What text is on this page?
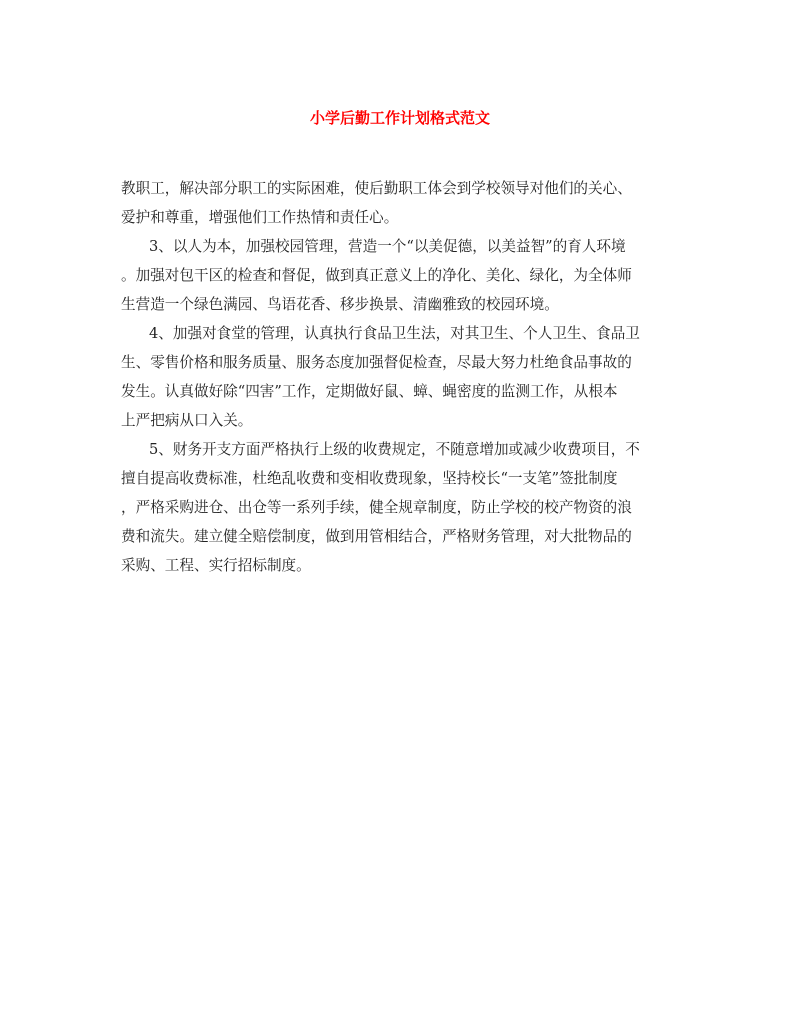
小学后勤工作计划格式范文
教职工，解决部分职工的实际困难，使后勤职工体会到学校领导对他们的关心、
爱护和尊重，增强他们工作热情和责任心。
3、以人为本，加强校园管理，营造一个“以美促德，以美益智”的育人环境
。加强对包干区的检查和督促，做到真正意义上的净化、美化、绿化，为全体师
生营造一个绿色满园、鸟语花香、移步换景、清幽雅致的校园环境。
4、加强对食堂的管理，认真执行食品卫生法，对其卫生、个人卫生、食品卫
生、零售价格和服务质量、服务态度加强督促检查，尽最大努力杜绝食品事故的
发生。认真做好除“四害”工作，定期做好鼠、蟑、蝇密度的监测工作，从根本
上严把病从口入关。
5、财务开支方面严格执行上级的收费规定，不随意增加或减少收费项目，不
擅自提高收费标准，杜绝乱收费和变相收费现象，坚持校长“一支笔”签批制度
，严格采购进仓、出仓等一系列手续，健全规章制度，防止学校的校产物资的浪
费和流失。建立健全赔偿制度，做到用管相结合，严格财务管理，对大批物品的
采购、工程、实行招标制度。
